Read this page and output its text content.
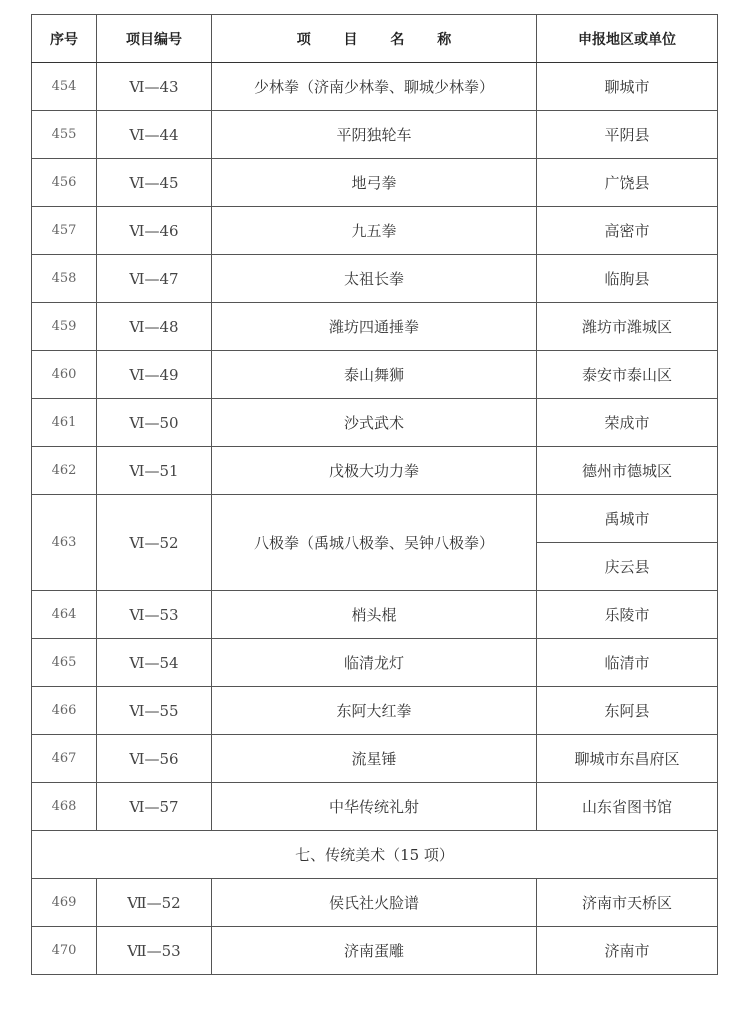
序号	项目编号	项 目 名 称	申报地区或单位
454	Ⅵ—43	少林拳（济南少林拳、聊城少林拳）	聊城市
455	Ⅵ—44	平阴独轮车	平阴县
456	Ⅵ—45	地弓拳	广饶县
457	Ⅵ—46	九五拳	高密市
458	Ⅵ—47	太祖长拳	临朐县
459	Ⅵ—48	潍坊四通捶拳	潍坊市潍城区
460	Ⅵ—49	泰山舞狮	泰安市泰山区
461	Ⅵ—50	沙式武术	荣成市
462	Ⅵ—51	戊极大功力拳	德州市德城区
463	Ⅵ—52	八极拳（禹城八极拳、吴钟八极拳）	禹城市
			庆云县
464	Ⅵ—53	梢头棍	乐陵市
465	Ⅵ—54	临清龙灯	临清市
466	Ⅵ—55	东阿大红拳	东阿县
467	Ⅵ—56	流星锤	聊城市东昌府区
468	Ⅵ—57	中华传统礼射	山东省图书馆
七、传统美术（15 项）			
469	Ⅶ—52	侯氏社火脸谱	济南市天桥区
470	Ⅶ—53	济南蛋雕	济南市
